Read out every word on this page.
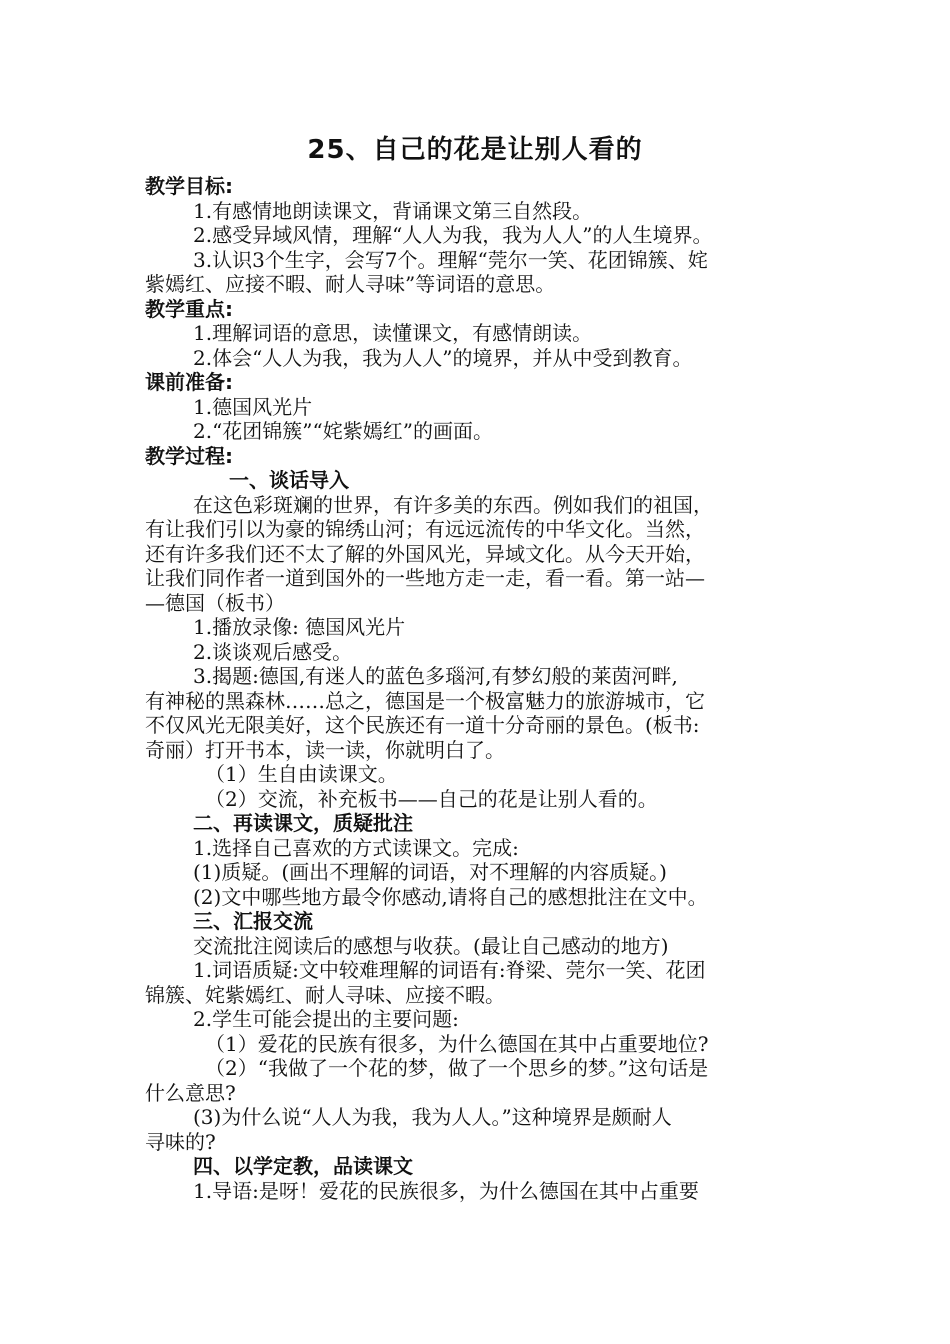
25、自己的花是让别人看的
教学目标:
1.有感情地朗读课文，背诵课文第三自然段。
2.感受异域风情，理解“人人为我，我为人人”的人生境界。
3.认识3个生字，会写7个。理解“莞尔一笑、花团锦簇、姹
紫嫣红、应接不暇、耐人寻味”等词语的意思。
教学重点:
1.理解词语的意思，读懂课文，有感情朗读。
2.体会“人人为我，我为人人”的境界，并从中受到教育。
课前准备:
1.德国风光片
2.“花团锦簇”“姹紫嫣红”的画面。
教学过程:
一、谈话导入
在这色彩斑斓的世界，有许多美的东西。例如我们的祖国，
有让我们引以为豪的锦绣山河；有远远流传的中华文化。当然，
还有许多我们还不太了解的外国风光，异域文化。从今天开始，
让我们同作者一道到国外的一些地方走一走，看一看。第一站—
—德国（板书）
1.播放录像: 德国风光片
2.谈谈观后感受。
3.揭题:德国,有迷人的蓝色多瑙河,有梦幻般的莱茵河畔,
有神秘的黑森林……总之，德国是一个极富魅力的旅游城市，它
不仅风光无限美好，这个民族还有一道十分奇丽的景色。(板书:
奇丽）打开书本，读一读，你就明白了。
（1）生自由读课文。
（2）交流，补充板书——自己的花是让别人看的。
二、再读课文，质疑批注
1.选择自己喜欢的方式读课文。完成:
(1)质疑。(画出不理解的词语，对不理解的内容质疑。)
(2)文中哪些地方最令你感动,请将自己的感想批注在文中。
三、汇报交流
交流批注阅读后的感想与收获。(最让自己感动的地方)
1.词语质疑:文中较难理解的词语有:脊梁、莞尔一笑、花团
锦簇、姹紫嫣红、耐人寻味、应接不暇。
2.学生可能会提出的主要问题:
（1）爱花的民族有很多，为什么德国在其中占重要地位?
（2）“我做了一个花的梦，做了一个思乡的梦。”这句话是
什么意思?
(3)为什么说“人人为我，我为人人。”这种境界是颇耐人
寻味的?
四、以学定教，品读课文
1.导语:是呀！爱花的民族很多，为什么德国在其中占重要
